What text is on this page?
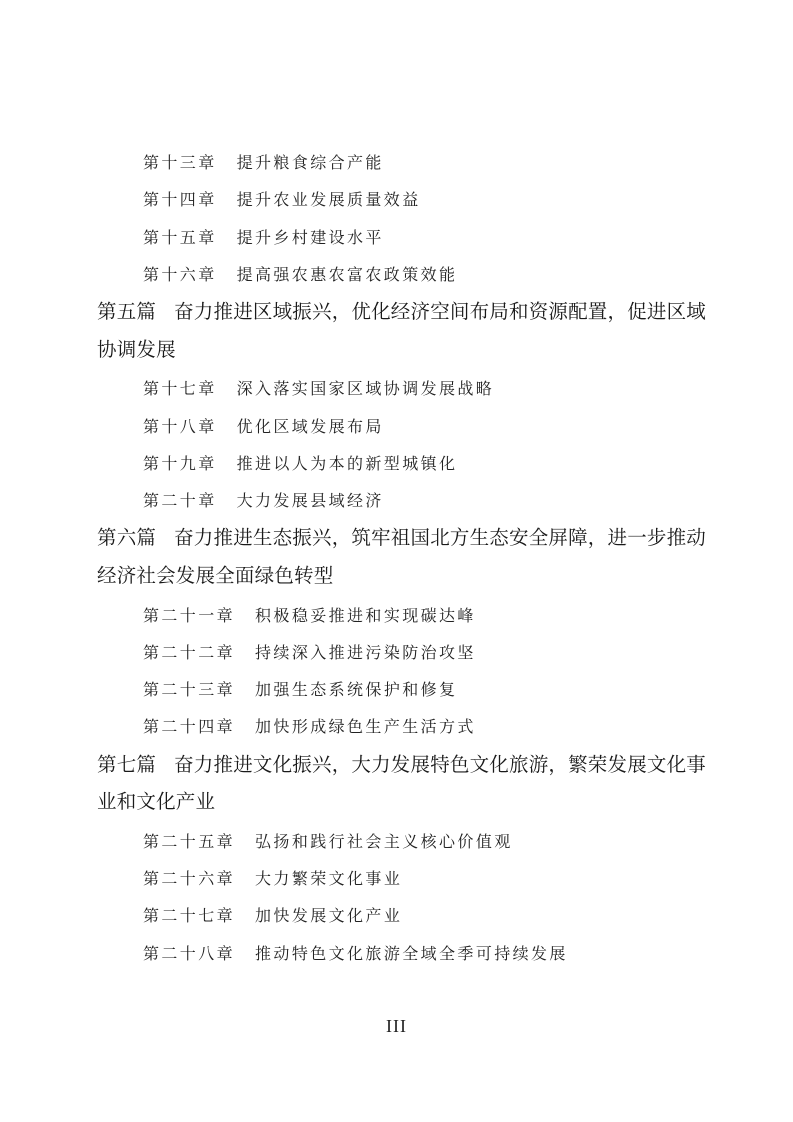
第十三章 提升粮食综合产能
第十四章 提升农业发展质量效益
第十五章 提升乡村建设水平
第十六章 提高强农惠农富农政策效能
第五篇 奋力推进区域振兴，优化经济空间布局和资源配置，促进区域协调发展
第十七章 深入落实国家区域协调发展战略
第十八章 优化区域发展布局
第十九章 推进以人为本的新型城镇化
第二十章 大力发展县域经济
第六篇 奋力推进生态振兴，筑牢祖国北方生态安全屏障，进一步推动经济社会发展全面绿色转型
第二十一章 积极稳妥推进和实现碳达峰
第二十二章 持续深入推进污染防治攻坚
第二十三章 加强生态系统保护和修复
第二十四章 加快形成绿色生产生活方式
第七篇 奋力推进文化振兴，大力发展特色文化旅游，繁荣发展文化事业和文化产业
第二十五章 弘扬和践行社会主义核心价值观
第二十六章 大力繁荣文化事业
第二十七章 加快发展文化产业
第二十八章 推动特色文化旅游全域全季可持续发展
III
